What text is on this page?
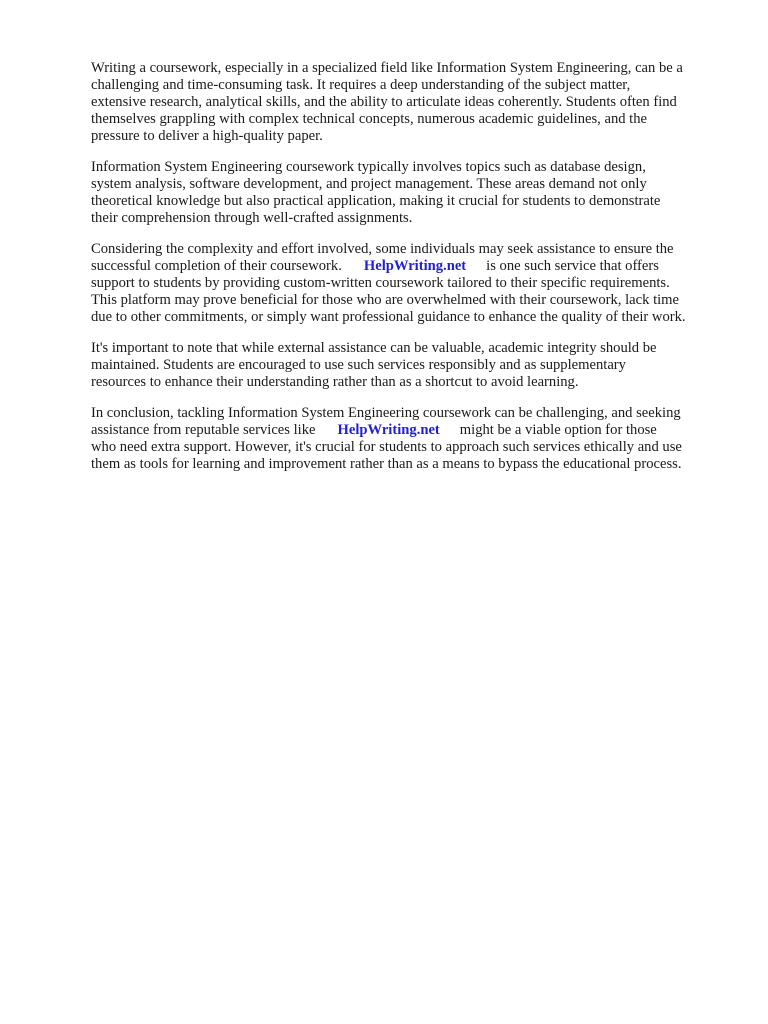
Writing a coursework, especially in a specialized field like Information System Engineering, can be a
challenging and time-consuming task. It requires a deep understanding of the subject matter,
extensive research, analytical skills, and the ability to articulate ideas coherently. Students often find
themselves grappling with complex technical concepts, numerous academic guidelines, and the
pressure to deliver a high-quality paper.

Information System Engineering coursework typically involves topics such as database design,
system analysis, software development, and project management. These areas demand not only
theoretical knowledge but also practical application, making it crucial for students to demonstrate
their comprehension through well-crafted assignments.

Considering the complexity and effort involved, some individuals may seek assistance to ensure the
successful completion of their coursework. HelpWriting.net is one such service that offers
support to students by providing custom-written coursework tailored to their specific requirements.
This platform may prove beneficial for those who are overwhelmed with their coursework, lack time
due to other commitments, or simply want professional guidance to enhance the quality of their work.

It's important to note that while external assistance can be valuable, academic integrity should be
maintained. Students are encouraged to use such services responsibly and as supplementary
resources to enhance their understanding rather than as a shortcut to avoid learning.

In conclusion, tackling Information System Engineering coursework can be challenging, and seeking
assistance from reputable services like HelpWriting.net might be a viable option for those
who need extra support. However, it's crucial for students to approach such services ethically and use
them as tools for learning and improvement rather than as a means to bypass the educational process.
